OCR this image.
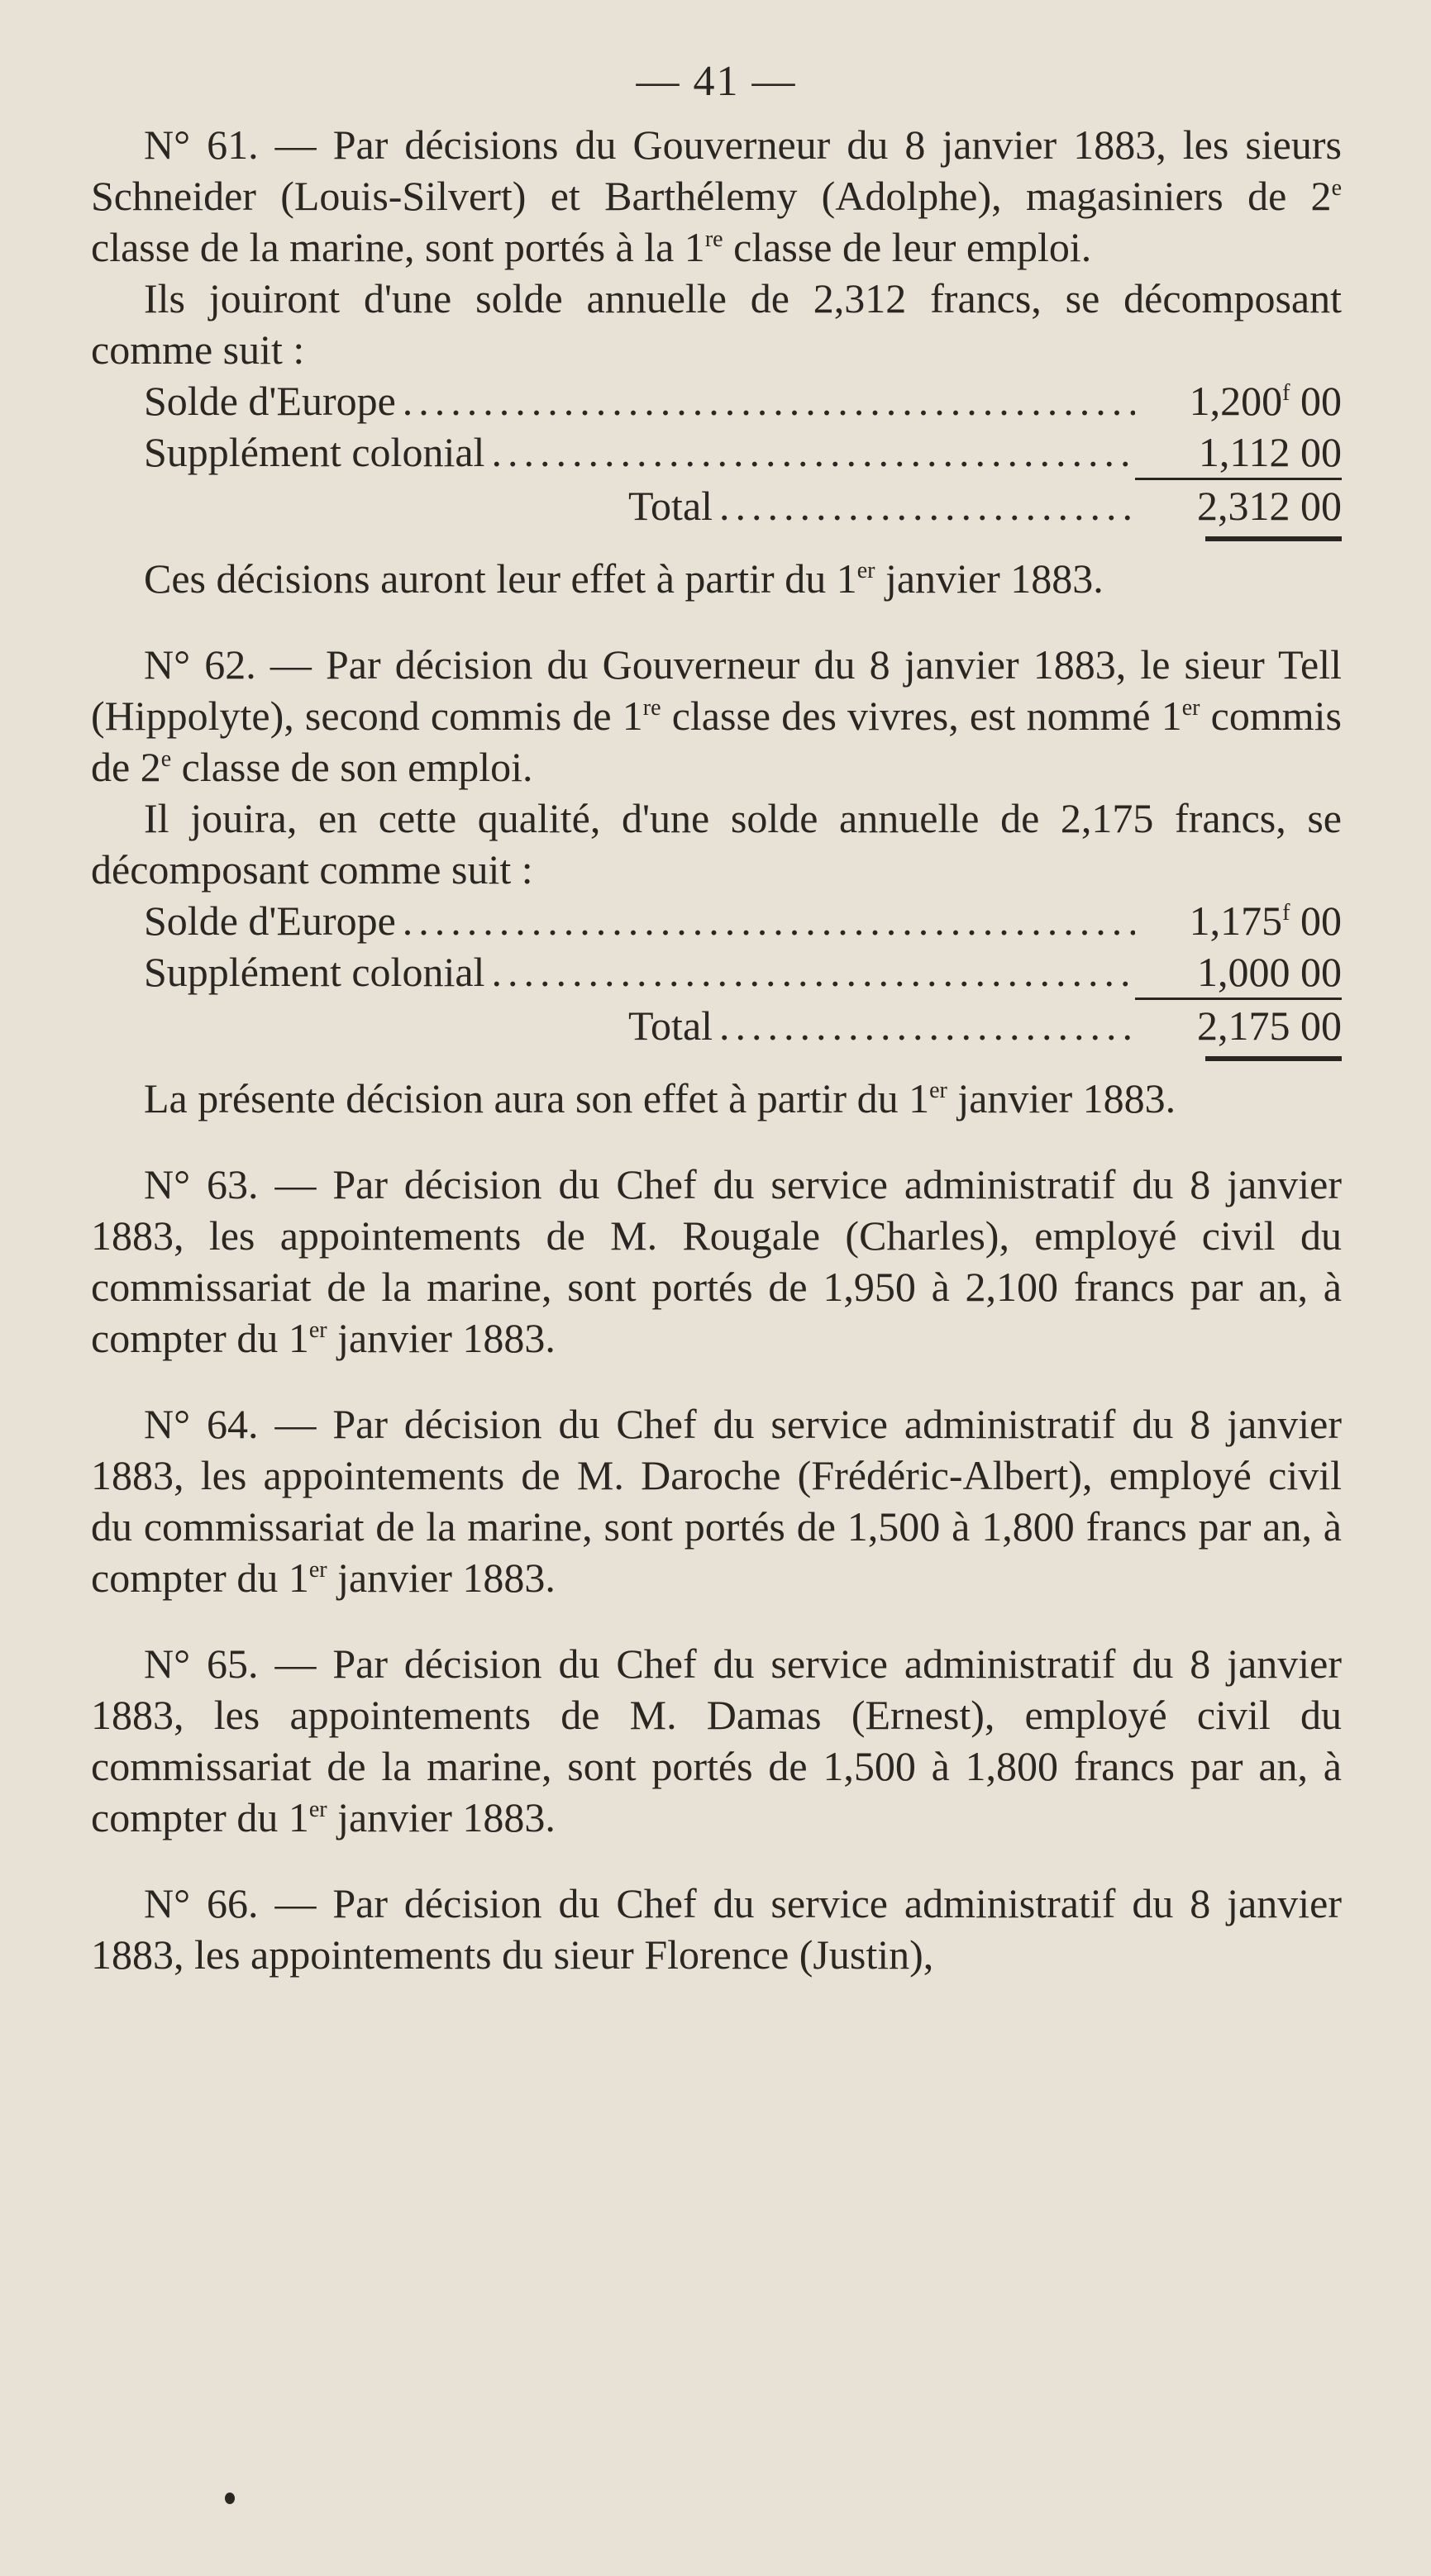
— 41 —

N° 61. — Par décisions du Gouverneur du 8 janvier 1883, les sieurs Schneider (Louis-Silvert) et Barthélemy (Adolphe), magasiniers de 2e classe de la marine, sont portés à la 1re classe de leur emploi.

Ils jouiront d'une solde annuelle de 2,312 francs, se décomposant comme suit :

Solde d'Europe .....	1,200$^f$ 00
Supplément colonial .....	1,112 00
Total .....	2,312 00

Ces décisions auront leur effet à partir du 1er janvier 1883.

N° 62. — Par décision du Gouverneur du 8 janvier 1883, le sieur Tell (Hippolyte), second commis de 1re classe des vivres, est nommé 1er commis de 2e classe de son emploi.

Il jouira, en cette qualité, d'une solde annuelle de 2,175 francs, se décomposant comme suit :

Solde d'Europe .....	1,175$^f$ 00
Supplément colonial .....	1,000 00
Total .....	2,175 00

La présente décision aura son effet à partir du 1er janvier 1883.

N° 63. — Par décision du Chef du service administratif du 8 janvier 1883, les appointements de M. Rougale (Charles), employé civil du commissariat de la marine, sont portés de 1,950 à 2,100 francs par an, à compter du 1er janvier 1883.

N° 64. — Par décision du Chef du service administratif du 8 janvier 1883, les appointements de M. Daroche (Frédéric-Albert), employé civil du commissariat de la marine, sont portés de 1,500 à 1,800 francs par an, à compter du 1er janvier 1883.

N° 65. — Par décision du Chef du service administratif du 8 janvier 1883, les appointements de M. Damas (Ernest), employé civil du commissariat de la marine, sont portés de 1,500 à 1,800 francs par an, à compter du 1er janvier 1883.

N° 66. — Par décision du Chef du service administratif du 8 janvier 1883, les appointements du sieur Florence (Justin),
